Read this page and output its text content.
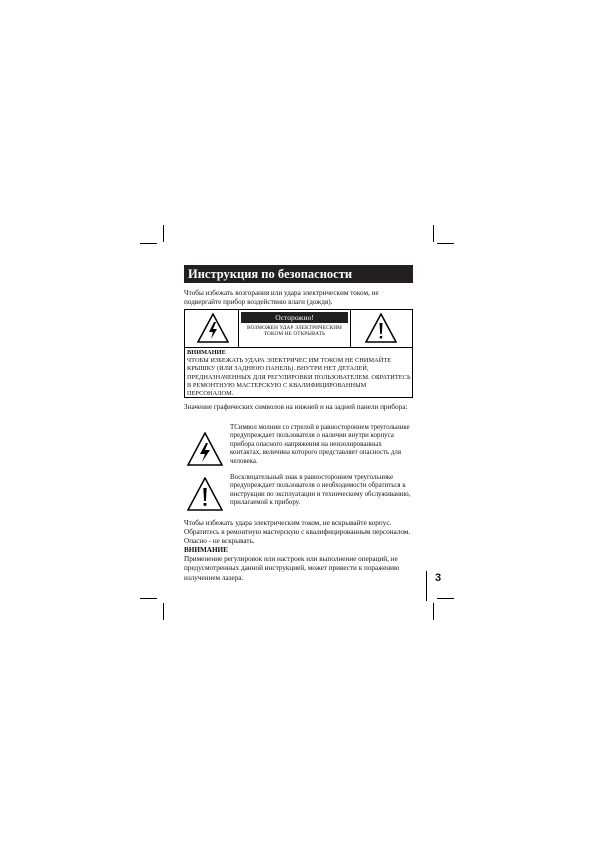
Инструкция по безопасности
Чтобы избежать возгорания или удара электрическим током, не подвергайте прибор воздействию влаги (дождя).
Осторожно!
ВОЗМОЖЕН УДАР ЭЛЕКТРИЧЕСКИМ ТОКОМ НЕ ОТКРЫВАТЬ
ВНИМАНИЕ
ЧТОБЫ ИЗБЕЖАТЬ УДАРА ЭЛЕКТРИЧЕС ИМ ТОКОМ НЕ СНИМАЙТЕ КРЫШКУ (ИЛИ ЗАДНЮЮ ПАНЕЛЬ). ВНУТРИ НЕТ ДЕТАЛЕЙ, ПРЕДНАЗНАЧЕННЫХ ДЛЯ РЕГУЛИРОВКИ ПОЛЬЗОВАТЕЛЕМ. ОБРАТИТЕСЬ В РЕМОНТНУЮ МАСТЕРСКУЮ С КВАЛИФИЦИРОВАННЫМ ПЕРСОНАЛОМ.
Значение графических символов на нижней и на задней панели прибора:
ТСимвол молнии со стрелой в равностороннем треугольнике предупреждает пользователя о наличии внутри корпуса прибора опасного напряжения на неизолированных контактах, величина которого представляет опасность для человека.
Восклицательный знак в равностороннем треугольнике предупреждает пользователя о необходимости обратиться к инструкции по эксплуатации и техническому обслуживанию, прилагаемой к прибору.
Чтобы избежать удара электрическим током, не вскрывайте корпус. Обратитесь в ремонтную мастерскую с квалифицированным персоналом. Опасно - не вскрывать.
ВНИМАНИЕ
Применение регулировок или настроек или выполнение операций, не предусмотренных данной инструкцией, может привести к поражению излучением лазера.	3
